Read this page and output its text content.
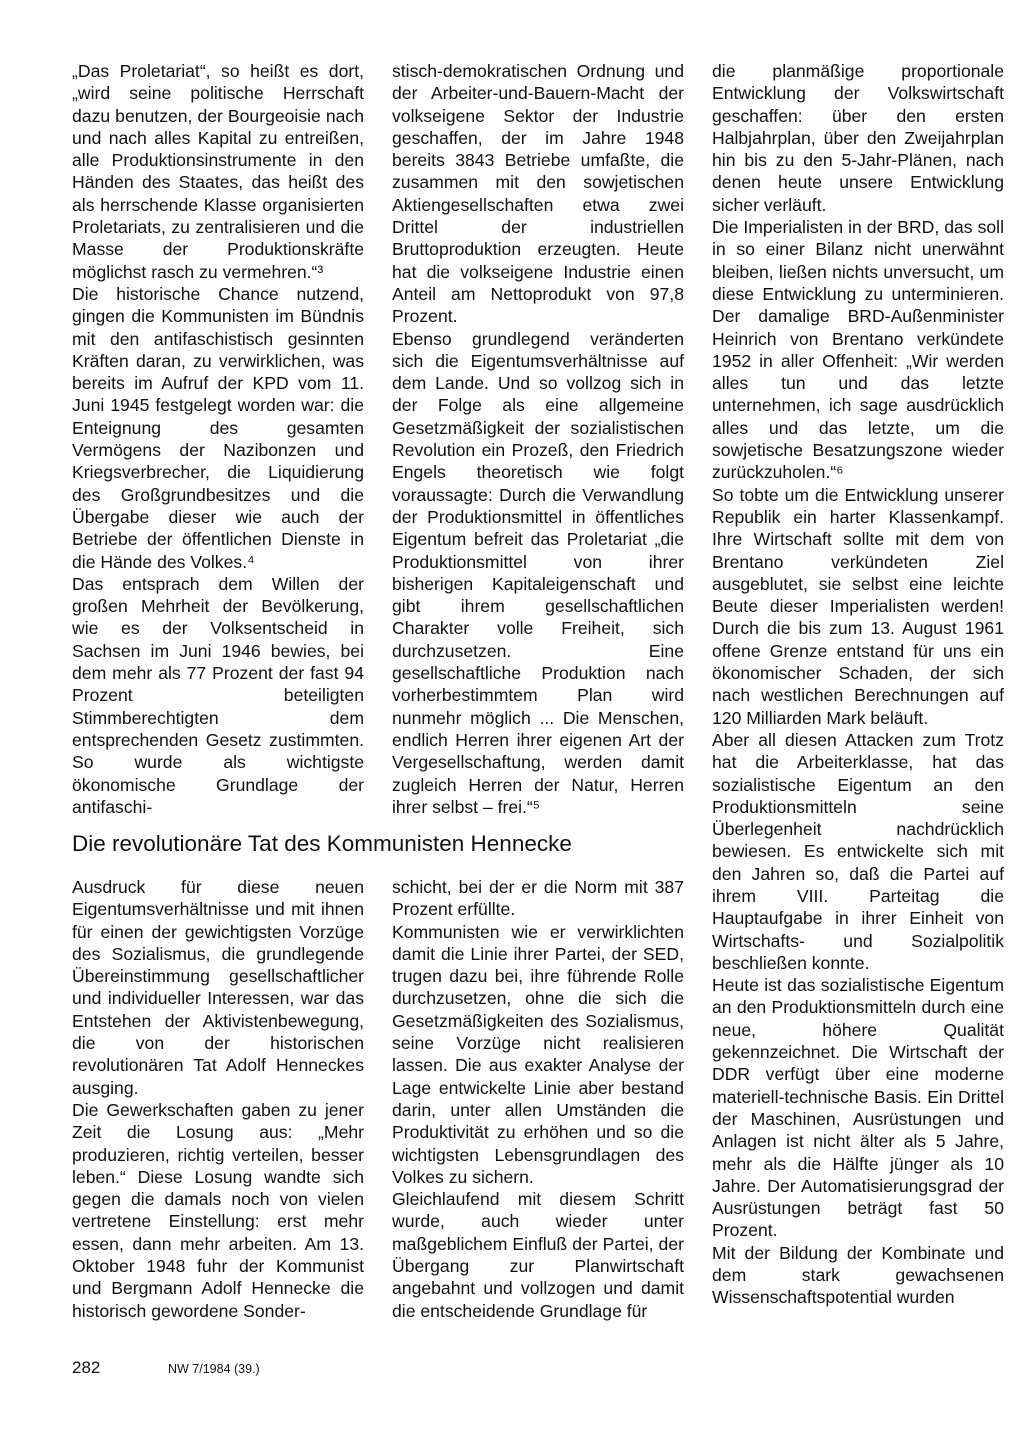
„Das Proletariat“, so heißt es dort, „wird seine politische Herrschaft dazu benutzen, der Bourgeoisie nach und nach alles Kapital zu entreißen, alle Produktionsinstrumente in den Händen des Staates, das heißt des als herrschende Klasse organisierten Proletariats, zu zentralisieren und die Masse der Produktionskräfte möglichst rasch zu vermehren.“³

Die historische Chance nutzend, gingen die Kommunisten im Bündnis mit den antifaschistisch gesinnten Kräften daran, zu verwirklichen, was bereits im Aufruf der KPD vom 11. Juni 1945 festgelegt worden war: die Enteignung des gesamten Vermögens der Nazibonzen und Kriegsverbrecher, die Liquidierung des Großgrundbesitzes und die Übergabe dieser wie auch der Betriebe der öffentlichen Dienste in die Hände des Volkes.⁴

Das entsprach dem Willen der großen Mehrheit der Bevölkerung, wie es der Volksentscheid in Sachsen im Juni 1946 bewies, bei dem mehr als 77 Prozent der fast 94 Prozent beteiligten Stimmberechtigten dem entsprechenden Gesetz zustimmten. So wurde als wichtigste ökonomische Grundlage der antifaschi-

stisch-demokratischen Ordnung und der Arbeiter-und-Bauern-Macht der volkseigene Sektor der Industrie geschaffen, der im Jahre 1948 bereits 3843 Betriebe umfaßte, die zusammen mit den sowjetischen Aktiengesellschaften etwa zwei Drittel der industriellen Bruttoproduktion erzeugten. Heute hat die volkseigene Industrie einen Anteil am Nettoprodukt von 97,8 Prozent.

Ebenso grundlegend veränderten sich die Eigentumsverhältnisse auf dem Lande. Und so vollzog sich in der Folge als eine allgemeine Gesetzmäßigkeit der sozialistischen Revolution ein Prozeß, den Friedrich Engels theoretisch wie folgt voraussagte: Durch die Verwandlung der Produktionsmittel in öffentliches Eigentum befreit das Proletariat „die Produktionsmittel von ihrer bisherigen Kapitaleigenschaft und gibt ihrem gesellschaftlichen Charakter volle Freiheit, sich durchzusetzen. Eine gesellschaftliche Produktion nach vorherbestimmtem Plan wird nunmehr möglich ... Die Menschen, endlich Herren ihrer eigenen Art der Vergesellschaftung, werden damit zugleich Herren der Natur, Herren ihrer selbst – frei.“⁵

Die revolutionäre Tat des Kommunisten Hennecke

Ausdruck für diese neuen Eigentumsverhältnisse und mit ihnen für einen der gewichtigsten Vorzüge des Sozialismus, die grundlegende Übereinstimmung gesellschaftlicher und individueller Interessen, war das Entstehen der Aktivistenbewegung, die von der historischen revolutionären Tat Adolf Henneckes ausging.

Die Gewerkschaften gaben zu jener Zeit die Losung aus: „Mehr produzieren, richtig verteilen, besser leben.“ Diese Losung wandte sich gegen die damals noch von vielen vertretene Einstellung: erst mehr essen, dann mehr arbeiten. Am 13. Oktober 1948 fuhr der Kommunist und Bergmann Adolf Hennecke die historisch gewordene Sonder-

schicht, bei der er die Norm mit 387 Prozent erfüllte.

Kommunisten wie er verwirklichten damit die Linie ihrer Partei, der SED, trugen dazu bei, ihre führende Rolle durchzusetzen, ohne die sich die Gesetzmäßigkeiten des Sozialismus, seine Vorzüge nicht realisieren lassen. Die aus exakter Analyse der Lage entwickelte Linie aber bestand darin, unter allen Umständen die Produktivität zu erhöhen und so die wichtigsten Lebensgrundlagen des Volkes zu sichern.

Gleichlaufend mit diesem Schritt wurde, auch wieder unter maßgeblichem Einfluß der Partei, der Übergang zur Planwirtschaft angebahnt und vollzogen und damit die entscheidende Grundlage für

die planmäßige proportionale Entwicklung der Volkswirtschaft geschaffen: über den ersten Halbjahrplan, über den Zweijahrplan hin bis zu den 5-Jahr-Plänen, nach denen heute unsere Entwicklung sicher verläuft.

Die Imperialisten in der BRD, das soll in so einer Bilanz nicht unerwähnt bleiben, ließen nichts unversucht, um diese Entwicklung zu unterminieren. Der damalige BRD-Außenminister Heinrich von Brentano verkündete 1952 in aller Offenheit: „Wir werden alles tun und das letzte unternehmen, ich sage ausdrücklich alles und das letzte, um die sowjetische Besatzungszone wieder zurückzuholen.“⁶

So tobte um die Entwicklung unserer Republik ein harter Klassenkampf. Ihre Wirtschaft sollte mit dem von Brentano verkündeten Ziel ausgeblutet, sie selbst eine leichte Beute dieser Imperialisten werden! Durch die bis zum 13. August 1961 offene Grenze entstand für uns ein ökonomischer Schaden, der sich nach westlichen Berechnungen auf 120 Milliarden Mark beläuft.

Aber all diesen Attacken zum Trotz hat die Arbeiterklasse, hat das sozialistische Eigentum an den Produktionsmitteln seine Überlegenheit nachdrücklich bewiesen. Es entwickelte sich mit den Jahren so, daß die Partei auf ihrem VIII. Parteitag die Hauptaufgabe in ihrer Einheit von Wirtschafts- und Sozialpolitik beschließen konnte.

Heute ist das sozialistische Eigentum an den Produktionsmitteln durch eine neue, höhere Qualität gekennzeichnet. Die Wirtschaft der DDR verfügt über eine moderne materiell-technische Basis. Ein Drittel der Maschinen, Ausrüstungen und Anlagen ist nicht älter als 5 Jahre, mehr als die Hälfte jünger als 10 Jahre. Der Automatisierungsgrad der Ausrüstungen beträgt fast 50 Prozent.

Mit der Bildung der Kombinate und dem stark gewachsenen Wissenschaftspotential wurden

282	NW 7/1984 (39.)
